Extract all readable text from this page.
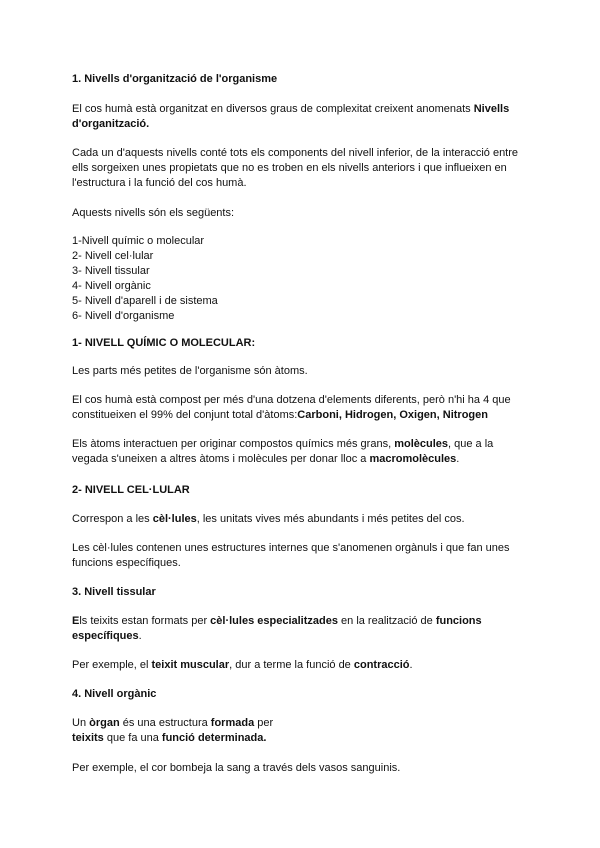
1. Nivells d'organització de l'organisme

El cos humà està organitzat en diversos graus de complexitat creixent anomenats Nivells d'organització.

Cada un d'aquests nivells conté tots els components del nivell inferior, de la interacció entre ells sorgeixen unes propietats que no es troben en els nivells anteriors i que influeixen en l'estructura i la funció del cos humà.

Aquests nivells són els següents:

1-Nivell químic o molecular
2- Nivell cel·lular
3- Nivell tissular
4- Nivell orgànic
5- Nivell d'aparell i de sistema
6- Nivell d'organisme

1- NIVELL QUÍMIC O MOLECULAR:

Les parts més petites de l'organisme són àtoms.

El cos humà està compost per més d'una dotzena d'elements diferents, però n'hi ha 4 que constitueixen el 99% del conjunt total d'àtoms:Carboni, Hidrogen, Oxigen, Nitrogen

Els àtoms interactuen per originar compostos químics més grans, molècules, que a la vegada s'uneixen a altres àtoms i molècules per donar lloc a macromolècules.

2- NIVELL CEL·LULAR

Correspon a les cèl·lules, les unitats vives més abundants i més petites del cos.

Les cèl·lules contenen unes estructures internes que s'anomenen orgànuls i que fan unes funcions específiques.

3. Nivell tissular

Els teixits estan formats per cèl·lules especialitzades en la realització de funcions específiques.

Per exemple, el teixit muscular, dur a terme la funció de contracció.

4. Nivell orgànic

Un òrgan és una estructura formada per
teixits que fa una funció determinada.

Per exemple, el cor bombeja la sang a través dels vasos sanguinis.
